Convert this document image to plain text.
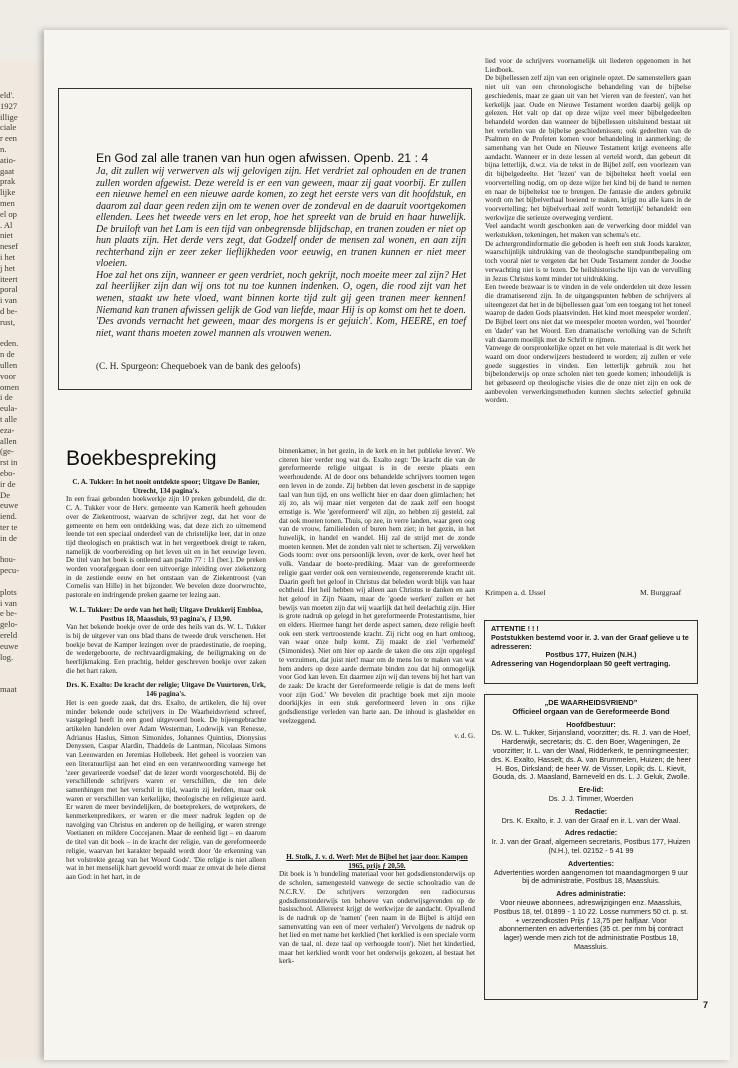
eld'.
1927
illige
ciale
r een
n.
atio-
gaat
prak
lijke
men
el op
. Al
niet
nesef
i het
j het
iteert
poral
i van
d be-
rust,
eden.
n de
ullen
voor
omen
i de
eula-
t alle
eza-
allen
(ge-
rst in
ebo-
ir de
De
euwe
iend.
ter te
in de
hou-
pecu-
plots
i van
e be-
gelo-
ereld
euwe
log.
maat
En God zal alle tranen van hun ogen afwissen. Openb. 21 : 4

Ja, dit zullen wij verwerven als wij gelovigen zijn. Het verdriet zal ophouden en de tranen zullen worden afgewist. Deze wereld is er een van geween, maar zij gaat voorbij. Er zullen een nieuwe hemel en een nieuwe aarde komen, zo zegt het eerste vers van dit hoofdstuk, en daarom zal daar geen reden zijn om te wenen over de zondeval en de daaruit voortgekomen ellenden. Lees het tweede vers en let erop, hoe het spreekt van de bruid en haar huwelijk. De bruiloft van het Lam is een tijd van onbegrensde blijdschap, en tranen zouden er niet op hun plaats zijn. Het derde vers zegt, dat Godzelf onder de mensen zal wonen, en aan zijn rechterhand zijn er zeer zeker lieflijkheden voor eeuwig, en tranen kunnen er niet meer vloeien.

Hoe zal het ons zijn, wanneer er geen verdriet, noch gekrijt, noch moeite meer zal zijn? Het zal heerlijker zijn dan wij ons tot nu toe kunnen indenken. O, ogen, die rood zijt van het wenen, staakt uw hete vloed, want binnen korte tijd zult gij geen tranen meer kennen! Niemand kan tranen afwissen gelijk de God van liefde, maar Hij is op komst om het te doen. 'Des avonds vernacht het geween, maar des morgens is er gejuich'. Kom, HEERE, en toef niet, want thans moeten zowel mannen als vrouwen wenen.

(C. H. Spurgeon: Chequeboek van de bank des geloofs)
Boekbespreking

C. A. Tukker: In het nooit ontdekte spoor; Uitgave De Banier, Utrecht, 134 pagina's.

In een fraai gebonden boekwerkje zijn 10 preken gebundeld, die dr. C. A. Tukker voor de Herv. gemeente van Kamerik heeft gehouden over de Ziekentroost, waarvan de schrijver zegt, dat het voor de gemeente en hem een ontdekking was, dat deze zich zo uitnemend leende tot een speciaal onderdeel van de christelijke leer, dat in onze tijd theologisch en praktisch wat in het vergeetboek dreigt te raken, namelijk de voorbereiding op het leven uit en in het eeuwige leven. De titel van het boek is ontleend aan psalm 77 : 11 (ber.). De preken worden voorafgegaan door een uitvoerige inleiding over ziekenzorg in de zestiende eeuw en het ontstaan van de Ziekentroost (van Cornelis van Hille) in het bijzonder. We bevelen deze doorwrochte, pastorale en indringende preken gaarne ter lezing aan.

W. L. Tukker: De orde van het heil; Uitgave Drukkerij Embloa, Postbus 18, Maassluis, 93 pagina's, ƒ 13,90.

Van het bekende boekje over de orde des heils van ds. W. L. Tukker is bij de uitgever van ons blad thans de tweede druk verschenen. Het boekje bevat de Kamper lezingen over de praedestinatie, de roeping, de wedergeboorte, de rechtvaardigmaking, de heiligmaking en de heerlijkmaking. Een prachtig, helder geschreven boekje over zaken die het hart raken.

Drs. K. Exalto: De kracht der religie; Uitgave De Vuurtoren, Urk, 146 pagina's.

Het is een goede zaak, dat drs. Exalto, de artikelen, die hij over minder bekende oude schrijvers in De Waarheidsvriend schreef, vastgelegd heeft in een goed uitgevoerd boek. De bijeengebrachte artikelen handelen over Adam Westerman, Lodewijk van Renesse, Adrianus Haslus, Simon Simonides, Johannes Quintius, Dionysius Denyssen, Caspar Alardin, Thaddeüs de Lantman, Nicolaas Simons van Leeuwarden en Jeremias Hollebeek. Het geheel is voorzien van een literatuurlijst aan het eind en een verantwoording vanwege het 'zeer gevarieerde voedsel' dat de lezer wordt voorgeschoteld. Bij de verschillende schrijvers waren er verschillen, die ten dele samenhingen met het verschil in tijd, waarin zij leefden, maar ook waren er verschillen van kerkelijke, theologische en religieuze aard. Er waren de meer bevindelijken, de boeteprekers, de wetprekers, de kenmerkenpredikers, er waren er die meer nadruk legden op de navolging van Christus en anderen op de heiliging, er waren strenge Voetianen en mildere Coccejanen. Maar de eenheid ligt – en daarom de titel van dit boek – in de kracht der religie, van de gereformeerde religie, waarvan het karakter bepaald wordt door 'de erkenning van het volstrekte gezag van het Woord Gods'. 'Die religie is niet alleen wat in het menselijk hart gevoeld wordt maar ze omvat de hele dienst aan God: in het hart, in de

binnenkamer, in het gezin, in de kerk en in het publieke leven'. We citeren hier verder nog wat ds. Exalto zegt: 'De kracht die van de gereformeerde religie uitgaat is in de eerste plaats een weerhoudende. Al de door ons behandelde schrijvers toornen tegen een leven in de zonde. Zij hebben dat leven geschetst in de sappige taal van hun tijd, en ons wellicht hier en daar doen glimlachen; het zij zo, als wij maar niet vergeten dat de zaak zelf een hoogst ernstige is. Wie 'gereformeerd' wil zijn, zo hebben zij gesteld, zal dat ook moeten tonen. Thuis, op zee, in verre landen, waar geen oog van de vrouw, familieleden of buren hem ziet; in het gezin, in het huwelijk, in handel en wandel. Hij zal de strijd met de zonde moeten kennen. Met de zonden valt niet te schertsen. Zij verwekken Gods toorn: over ons persoonlijk leven, over de kerk, over heel het volk. Vandaar de boete-prediking. Maar van de gereformeerde religie gaat verder ook een vernieuwende, regenererende kracht uit. Daarin geeft het geloof in Christus dat beleden wordt blijk van haar echtheid. Het heil hebben wij alleen aan Christus te danken en aan het geloof in Zijn Naam, maar de 'goede werken' zullen er het bewijs van moeten zijn dat wij waarlijk dat heil deelachtig zijn. Hier is grote nadruk op gelegd in het gereformeerde Protestantisme, hier en elders. Hiermee hangt het derde aspect samen, deze religie heeft ook een sterk vertroostende kracht. Zij richt oog en hart omhoog, van waar onze hulp komt. Zij maakt de ziel 'verhemeld' (Simonides). Niet om hier op aarde de taken die ons zijn opgelegd te verzuimen, dat juist niet! maar om de mens los te maken van wat hem anders op deze aarde dermate binden zou dat hij onmogelijk voor God kan leven. En daarmee zijn wij dan tevens bij het hart van de zaak: De kracht der Gereformeerde religie is dat de mens leeft voor zijn God.' We bevelen dit prachtige boek met zijn mooie doorkijkjes in een stuk gereformeerd leven in ons rijke godsdienstige verleden van harte aan. De inhoud is glashelder en veelzeggend.

v. d. G.

H. Stolk, J. v. d. Werf: Met de Bijbel het jaar door. Kampen 1965, prijs ƒ 20,50.

Dit boek is 'n bundeling materiaal voor het godsdienstonderwijs op de scholen, samengesteld vanwege de sectie schoolradio van de N.C.R.V. De schrijvers verzorgden een radiocursus godsdienstonderwijs ten behoeve van onderwijsgevenden op de basisschool. Allereerst krijgt de werkwijze de aandacht. Opvallend is de nadruk op de 'namen' ('een naam in de Bijbel is altijd een samenvatting van een of meer verhalen') Vervolgens de nadruk op het lied en met name het kerklied ('het kerklied is een speciale vorm van de taal, nl. deze taal op verhoogde toon'). Niet het kinderlied, maar het kerklied wordt voor het onderwijs gekozen, al bestaat het kerk-

lied voor de schrijvers voornamelijk uit liederen opgenomen in het Liedboek.

De bijbellessen zelf zijn van een originele opzet. De samenstellers gaan niet uit van een chronologische behandeling van de bijbelse geschiedenis, maar ze gaan uit van het 'vieren van de feesten', van het kerkelijk jaar. Oude en Nieuwe Testament worden daarbij gelijk op gelezen. Het valt op dat op deze wijze veel meer bijbelgedeelten behandeld worden dan wanneer de bijbellessen uitsluitend bestaat uit het vertellen van de bijbelse geschiedenissen; ook gedeelten van de Psalmen en de Profeten komen voor behandeling in aanmerking; de samenhang van het Oude en Nieuwe Testament krijgt eveneens alle aandacht. Wanneer er in deze lessen al verteld wordt, dan gebeurt dit bijna letterlijk, d.w.z. via de tekst in de Bijbel zelf, een voorlezen van dit bijbelgedeelte. Het 'lezen' van de bijbeltekst heeft voelal een voorvertelling nodig, om op deze wijze het kind bij de hand te nemen en naar de bijbeltekst toe te brengen. De fantasie die anders gebruikt wordt om het bijbelverhaal boeiend te maken, krijgt nu alle kans in de voorvertelling; het bijbelverhaal zelf wordt 'letterlijk' behandeld: een werkwijze die serieuze overweging verdient.

Veel aandacht wordt geschonken aan de verwerking door middel van werkstukken, tekeningen, het maken van schema's etc.

De achtergrondinformatie die geboden is heeft een stuk Joods karakter, waarschijnlijk uitdrukking van de theologische standpuntbepaling om toch vooral niet te vergeten dat het Oude Testament zonder de Joodse verwachting niet is te lezen. De heilshistorische lijn van de vervulling in Jezus Christus komt minder tot uitdrukking.

Een tweede bezwaar is te vinden in de vele onderdelen uit deze lessen die dramatiserend zijn. In de uitgangspunten hebben de schrijvers al uiteengezet dat het in de bijbellessen gaat 'om een toegang tot het toneel waarop de daden Gods plaatsvinden. Het kind moet meespeler worden'. De Bijbel leert ons niet dat we meespeler moeten worden, wel 'hoorder' en 'dader' van het Woord. Een dramatische vertolking van de Schrift valt daarom moeilijk met de Schrift te rijmen.

Vanwege de oorspronkelijke opzet en het vele materiaal is dit werk het waard om door onderwijzers bestudeerd te worden; zij zullen er vele goede suggesties in vinden. Een letterlijk gebruik zou het bijbelonderwijs op onze scholen niet ten goede komen; inhoudelijk is het gebaseerd op theologische visies die de onze niet zijn en ook de aanbevolen verwerkingsmethoden kunnen slechts selectief gebruikt worden.

Krimpen a. d. IJssel	M. Burggraaf
ATTENTIE ! ! !
Poststukken bestemd voor ir. J. van der Graaf gelieve u te adresseren:
Postbus 177, Huizen (N.H.)
Adressering van Hogendorplaan 50 geeft vertraging.

„DE WAARHEIDSVRIEND”

Officieel orgaan van de Gereformeerde Bond

Hoofdbestuur:

Ds. W. L. Tukker, Sirjansland, voorzitter; ds. R. J. van de Hoef, Harderwijk, secretaris; ds. C. den Boer, Wageningen, 2e voorzitter; Ir. L. van der Waal, Ridderkerk, te penningmeester; drs. K. Exalto, Hasselt; ds. A. van Brummelen, Huizen; de heer H. Bos, Dirksland; de heer W. de Visser, Lopik; ds. L. Kievit, Gouda, ds. J. Maasland, Barneveld en ds. L. J. Geluk, Zwolle.

Ere-lid:

Ds. J. J. Timmer, Woerden

Redactie:

Drs. K. Exalto, ir. J. van der Graaf en ir. L. van der Waal.

Adres redactie:

Ir. J. van der Graaf, algemeen secretaris, Postbus 177, Huizen (N.H.), tel. 02152 - 5 41 99

Advertenties:

Advertenties worden aangenomen tot maandagmorgen 9 uur bij de administratie, Postbus 18, Maassluis.

Adres administratie:

Voor nieuwe abonnees, adreswijzigingen enz. Maassluis, Postbus 18, tel. 01899 - 1 10 22. Losse nummers 50 ct. p. st. + verzendkosten Prijs ƒ 13,75 per halfjaar. Voor abonnementen en advertenties (35 ct. per mm bij contract lager) wende men zich tot de administratie Postbus 18, Maassluis.

7
